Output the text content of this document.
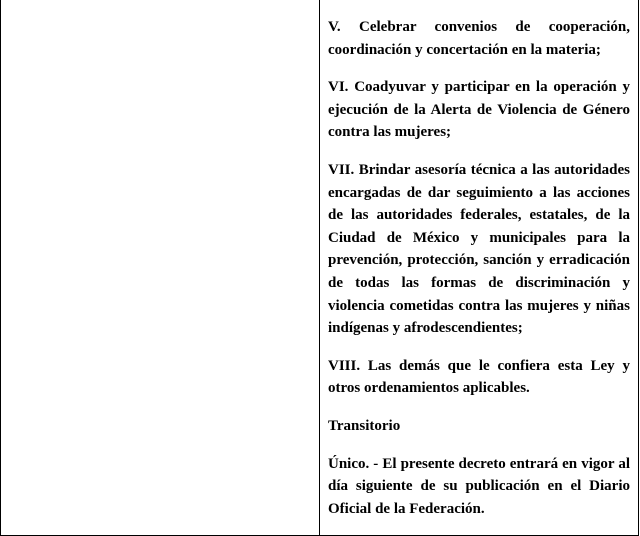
V. Celebrar convenios de cooperación, coordinación y concertación en la materia;

VI. Coadyuvar y participar en la operación y ejecución de la Alerta de Violencia de Género contra las mujeres;

VII. Brindar asesoría técnica a las autoridades encargadas de dar seguimiento a las acciones de las autoridades federales, estatales, de la Ciudad de México y municipales para la prevención, protección, sanción y erradicación de todas las formas de discriminación y violencia cometidas contra las mujeres y niñas indígenas y afrodescendientes;

VIII. Las demás que le confiera esta Ley y otros ordenamientos aplicables.

Transitorio

Único. - El presente decreto entrará en vigor al día siguiente de su publicación en el Diario Oficial de la Federación.
